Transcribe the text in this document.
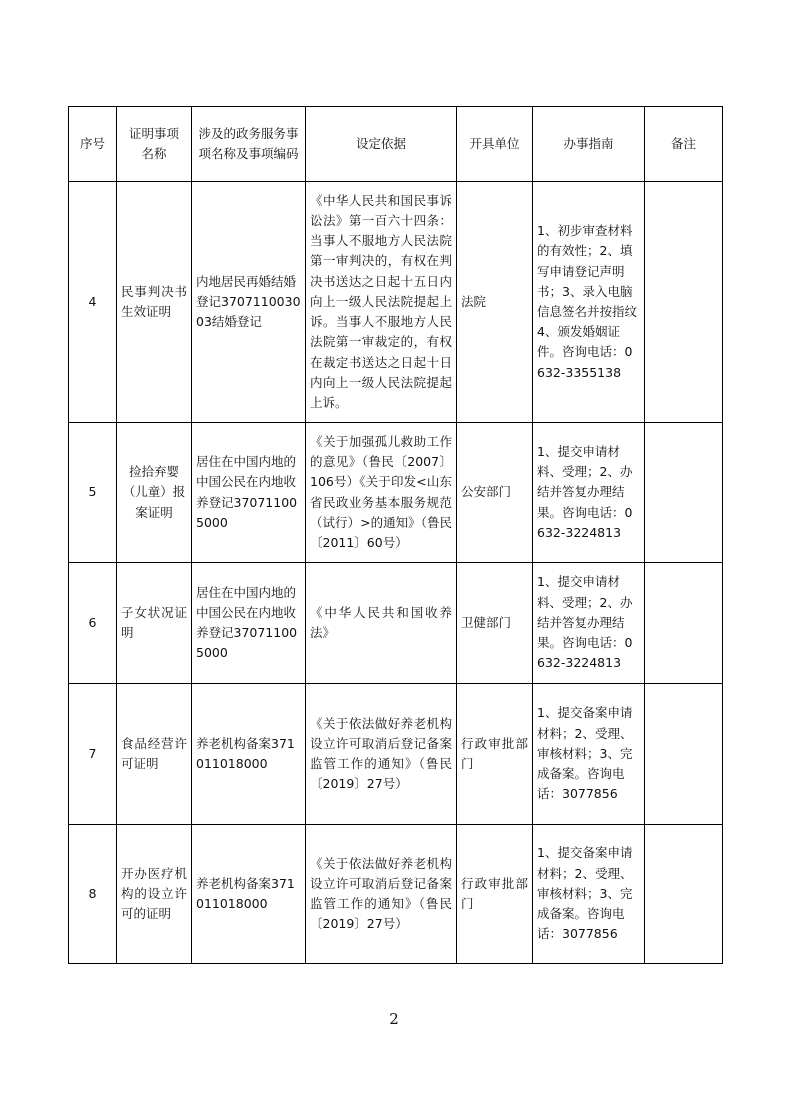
序号	证明事项名称	涉及的政务服务事项名称及事项编码	设定依据	开具单位	办事指南	备注
4	民事判决书生效证明	内地居民再婚结婚登记370711003003结婚登记	《中华人民共和国民事诉讼法》第一百六十四条：当事人不服地方人民法院第一审判决的，有权在判决书送达之日起十五日内向上一级人民法院提起上诉。当事人不服地方人民法院第一审裁定的，有权在裁定书送达之日起十日内向上一级人民法院提起上诉。	法院	1、初步审查材料的有效性；2、填写申请登记声明书；3、录入电脑信息签名并按指纹4、颁发婚姻证件。咨询电话：0632-3355138	
5	捡拾弃婴（儿童）报案证明	居住在中国内地的中国公民在内地收养登记370711005000	《关于加强孤儿救助工作的意见》（鲁民〔2007〕106号）《关于印发<山东省民政业务基本服务规范（试行）>的通知》（鲁民〔2011〕60号）	公安部门	1、提交申请材料、受理；2、办结并答复办理结果。咨询电话：0632-3224813	
6	子女状况证明	居住在中国内地的中国公民在内地收养登记370711005000	《中华人民共和国收养法》	卫健部门	1、提交申请材料、受理；2、办结并答复办理结果。咨询电话：0632-3224813	
7	食品经营许可证明	养老机构备案371011018000	《关于依法做好养老机构设立许可取消后登记备案监管工作的通知》（鲁民〔2019〕27号）	行政审批部门	1、提交备案申请材料；2、受理、审核材料；3、完成备案。咨询电话：3077856	
8	开办医疗机构的设立许可的证明	养老机构备案371011018000	《关于依法做好养老机构设立许可取消后登记备案监管工作的通知》（鲁民〔2019〕27号）	行政审批部门	1、提交备案申请材料；2、受理、审核材料；3、完成备案。咨询电话：3077856	
2
